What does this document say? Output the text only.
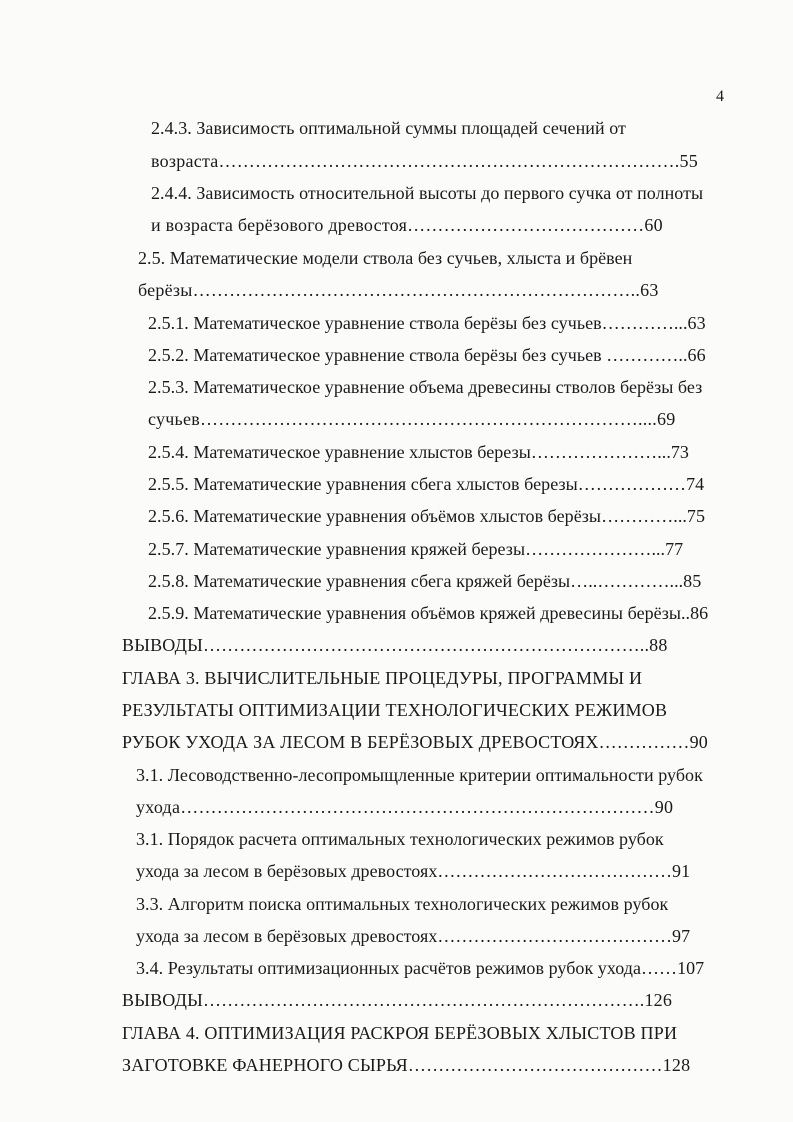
4
2.4.3. Зависимость оптимальной суммы площадей сечений от
возраста………………………………………………………………….55
2.4.4. Зависимость относительной высоты до первого сучка от полноты
и возраста берёзового древостоя…………………………………60
2.5. Математические модели ствола без сучьев, хлыста и брёвен
берёзы………………………………………………………………..63
2.5.1. Математическое уравнение ствола берёзы без сучьев…………...63
2.5.2. Математическое уравнение ствола берёзы без сучьев …………..66
2.5.3. Математическое уравнение объема древесины стволов берёзы без
сучьев………………………………………………………………....69
2.5.4. Математическое уравнение хлыстов березы…………………...73
2.5.5. Математические уравнения сбега хлыстов березы………………74
2.5.6. Математические уравнения объёмов хлыстов берёзы…………...75
2.5.7. Математические уравнения кряжей березы…………………...77
2.5.8. Математические уравнения сбега кряжей берёзы…..…………...85
2.5.9. Математические уравнения объёмов кряжей древесины берёзы..86
ВЫВОДЫ………………………………………………………………..88
ГЛАВА 3. ВЫЧИСЛИТЕЛЬНЫЕ ПРОЦЕДУРЫ, ПРОГРАММЫ И
РЕЗУЛЬТАТЫ ОПТИМИЗАЦИИ ТЕХНОЛОГИЧЕСКИХ РЕЖИМОВ
РУБОК УХОДА ЗА ЛЕСОМ В БЕРЁЗОВЫХ ДРЕВОСТОЯХ……………90
3.1. Лесоводственно-лесопромыщленные критерии оптимальности рубок
ухода……………………………………………………………………90
3.1. Порядок расчета оптимальных технологических режимов рубок
ухода за лесом в берёзовых древостоях…………………………………91
3.3. Алгоритм поиска оптимальных технологических режимов рубок
ухода за лесом в берёзовых древостоях…………………………………97
3.4. Результаты оптимизационных расчётов режимов рубок ухода……107
ВЫВОДЫ……………………………………………………………….126
ГЛАВА 4. ОПТИМИЗАЦИЯ РАСКРОЯ БЕРЁЗОВЫХ ХЛЫСТОВ ПРИ
ЗАГОТОВКЕ ФАНЕРНОГО СЫРЬЯ……………………………………128
